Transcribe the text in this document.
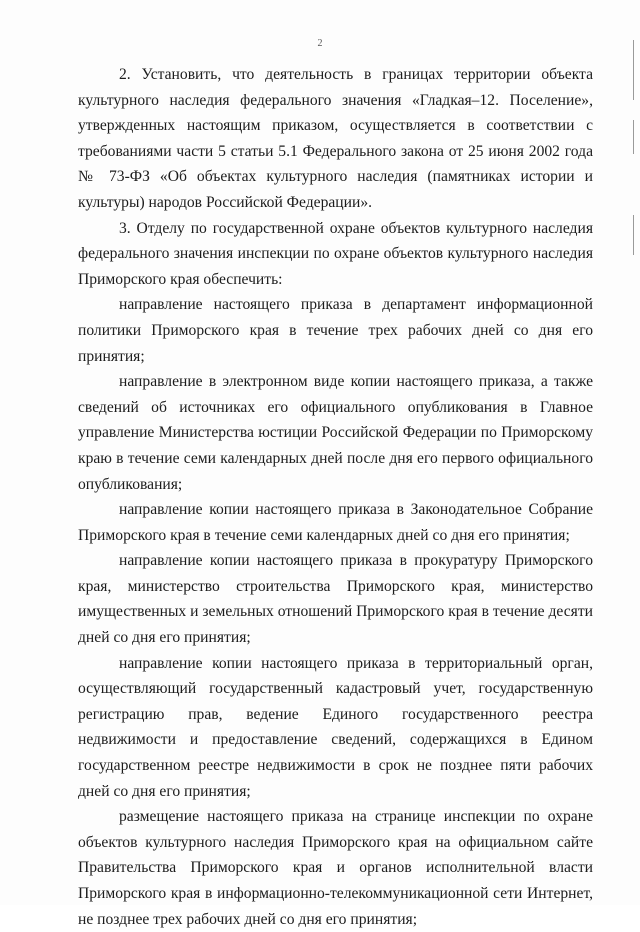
2

2. Установить, что деятельность в границах территории объекта культурного наследия федерального значения «Гладкая–12. Поселение», утвержденных настоящим приказом, осуществляется в соответствии с требованиями части 5 статьи 5.1 Федерального закона от 25 июня 2002 года № 73-ФЗ «Об объектах культурного наследия (памятниках истории и культуры) народов Российской Федерации».

3. Отделу по государственной охране объектов культурного наследия федерального значения инспекции по охране объектов культурного наследия Приморского края обеспечить:

направление настоящего приказа в департамент информационной политики Приморского края в течение трех рабочих дней со дня его принятия;

направление в электронном виде копии настоящего приказа, а также сведений об источниках его официального опубликования в Главное управление Министерства юстиции Российской Федерации по Приморскому краю в течение семи календарных дней после дня его первого официального опубликования;

направление копии настоящего приказа в Законодательное Собрание Приморского края в течение семи календарных дней со дня его принятия;

направление копии настоящего приказа в прокуратуру Приморского края, министерство строительства Приморского края, министерство имущественных и земельных отношений Приморского края в течение десяти дней со дня его принятия;

направление копии настоящего приказа в территориальный орган, осуществляющий государственный кадастровый учет, государственную регистрацию прав, ведение Единого государственного реестра недвижимости и предоставление сведений, содержащихся в Едином государственном реестре недвижимости в срок не позднее пяти рабочих дней со дня его принятия;

размещение настоящего приказа на странице инспекции по охране объектов культурного наследия Приморского края на официальном сайте Правительства Приморского края и органов исполнительной власти Приморского края в информационно-телекоммуникационной сети Интернет, не позднее трех рабочих дней со дня его принятия;
